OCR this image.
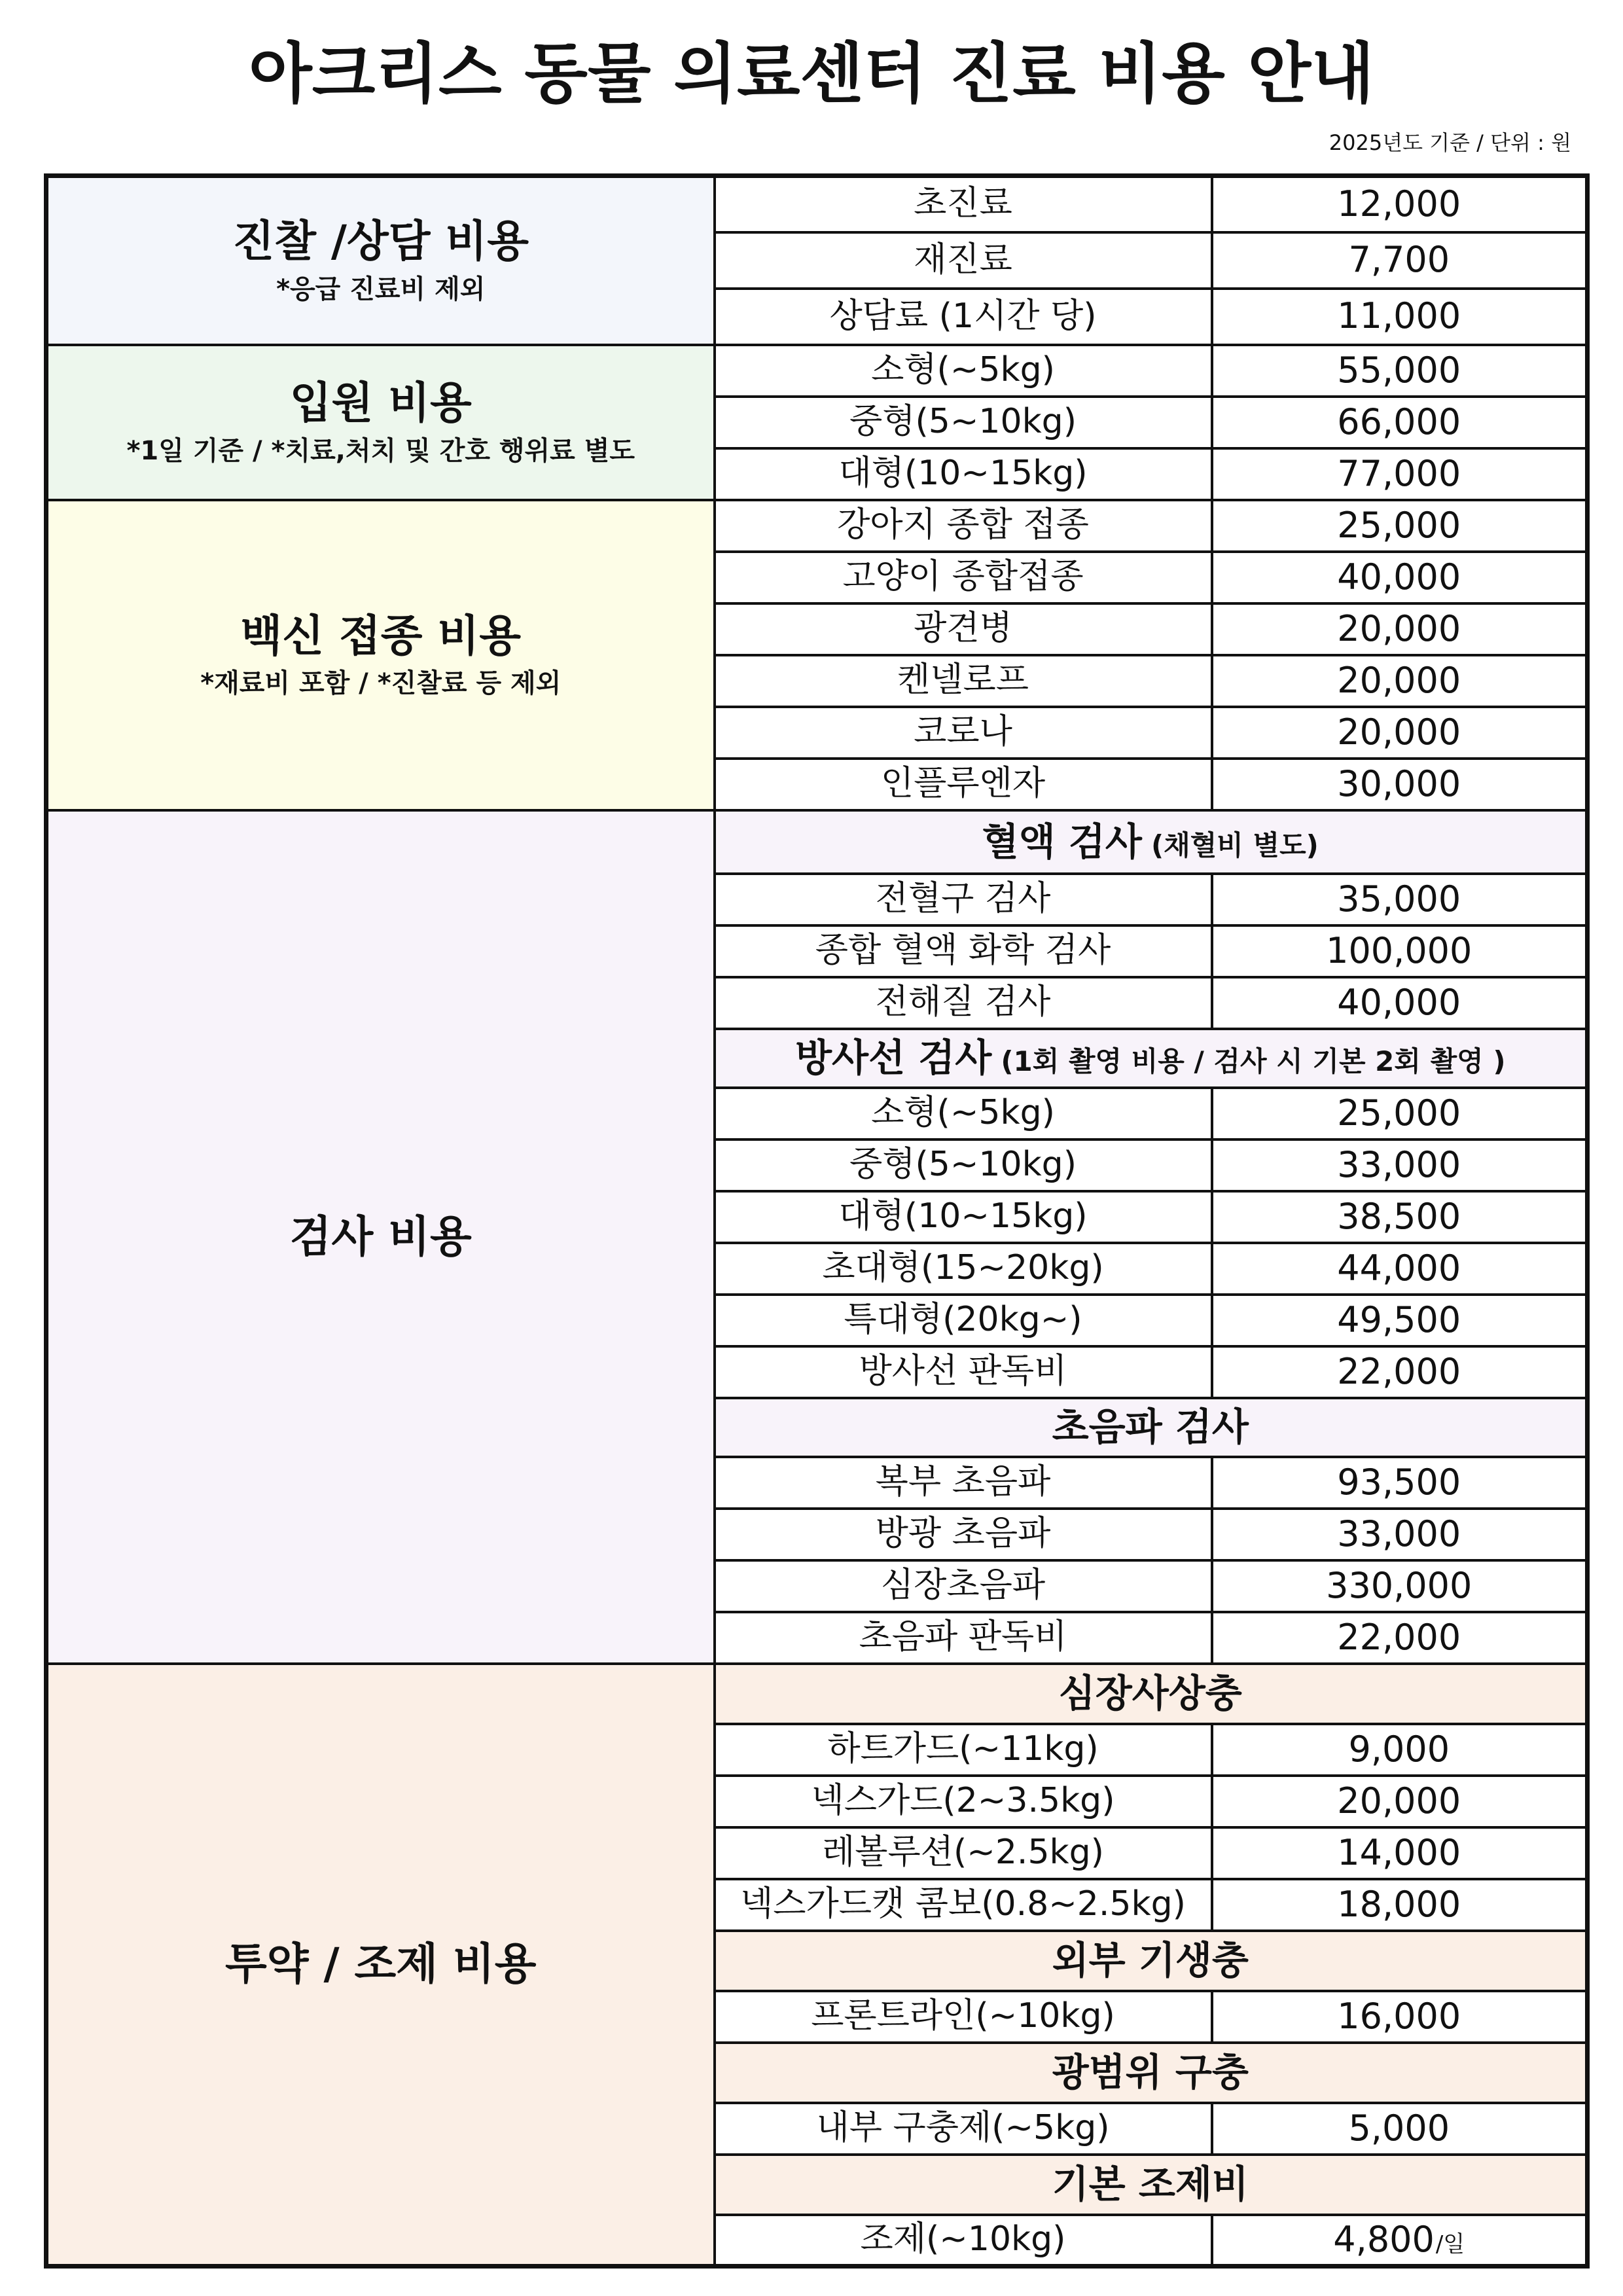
아크리스 동물 의료센터 진료 비용 안내
2025년도 기준 / 단위 : 원
진찰 /상담 비용
*응급 진료비 제외	초진료	12,000
	재진료	7,700
	상담료 (1시간 당)	11,000

입원 비용
*1일 기준 / *치료,처치 및 간호 행위료 별도	소형(~5kg)	55,000
	중형(5~10kg)	66,000
	대형(10~15kg)	77,000

백신 접종 비용
*재료비 포함 / *진찰료 등 제외	강아지 종합 접종	25,000
	고양이 종합접종	40,000
	광견병	20,000
	켄넬로프	20,000
	코로나	20,000
	인플루엔자	30,000

검사 비용	혈액 검사 (채혈비 별도)	
	전혈구 검사	35,000
	종합 혈액 화학 검사	100,000
	전해질 검사	40,000
	방사선 검사 (1회 촬영 비용 / 검사 시 기본 2회 촬영 )	
	소형(~5kg)	25,000
	중형(5~10kg)	33,000
	대형(10~15kg)	38,500
	초대형(15~20kg)	44,000
	특대형(20kg~)	49,500
	방사선 판독비	22,000
	초음파 검사	
	복부 초음파	93,500
	방광 초음파	33,000
	심장초음파	330,000
	초음파 판독비	22,000

투약 / 조제 비용	심장사상충	
	하트가드(~11kg)	9,000
	넥스가드(2~3.5kg)	20,000
	레볼루션(~2.5kg)	14,000
	넥스가드캣 콤보(0.8~2.5kg)	18,000
	외부 기생충	
	프론트라인(~10kg)	16,000
	광범위 구충	
	내부 구충제(~5kg)	5,000
	기본 조제비	
	조제(~10kg)	4,800/일
